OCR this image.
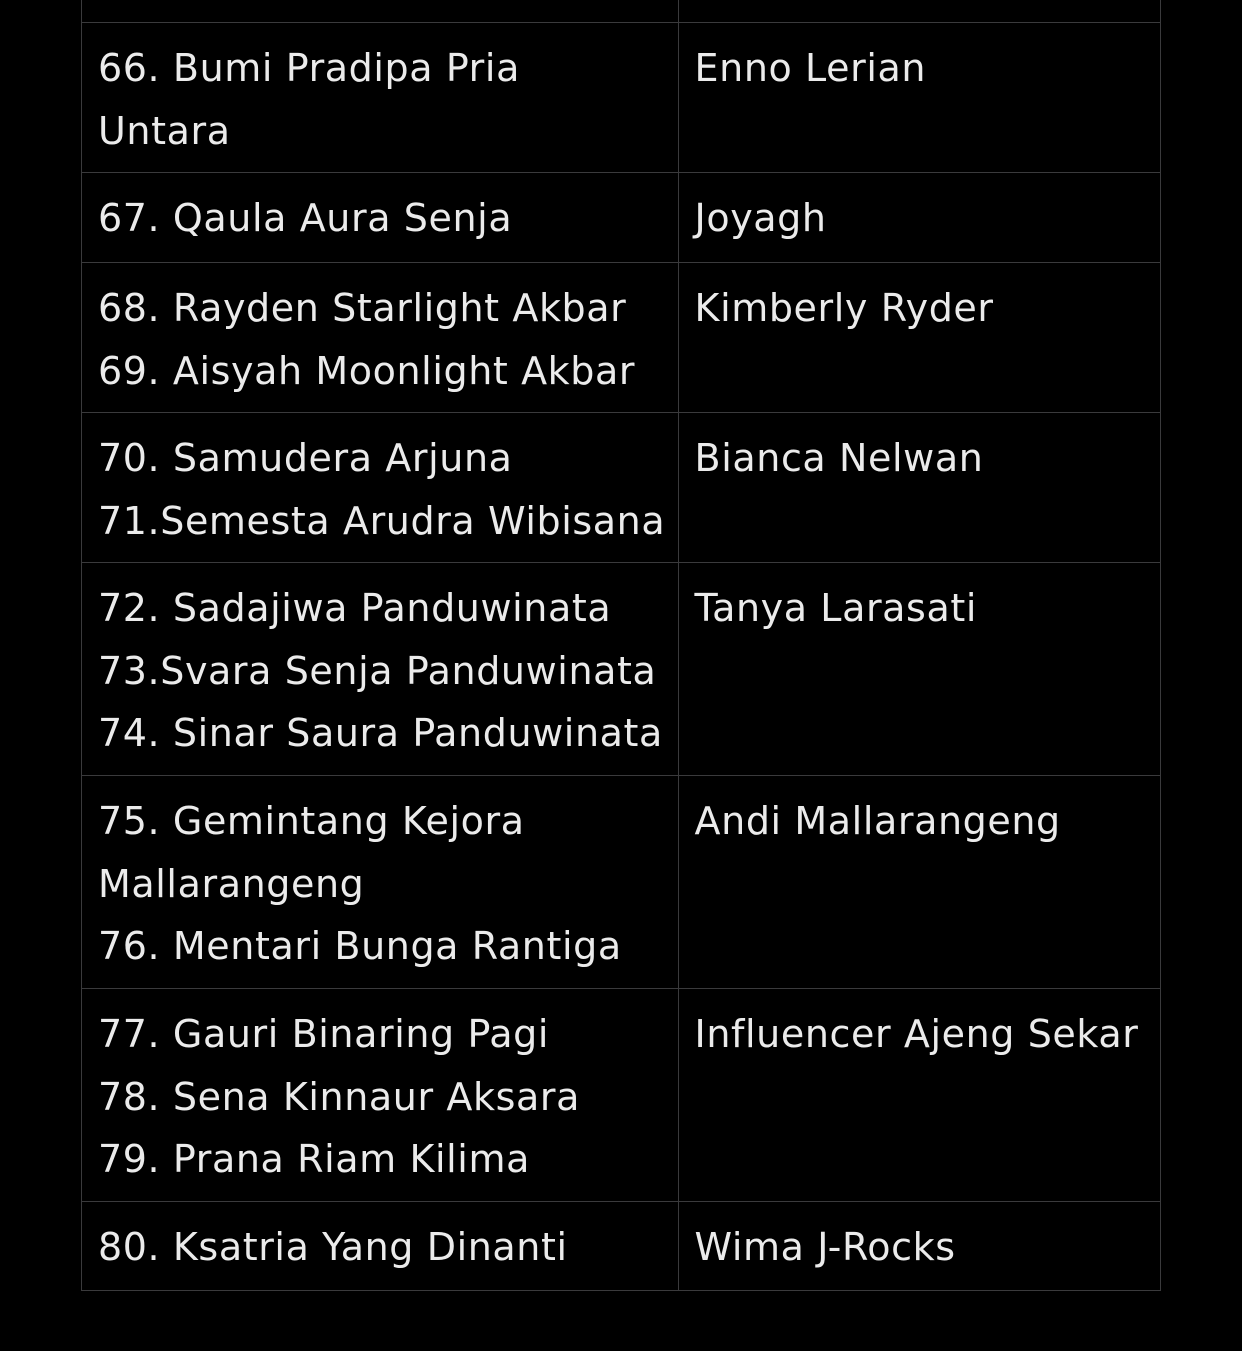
66. Bumi Pradipa Pria
Untara	Enno Lerian

67. Qaula Aura Senja	Joyagh

68. Rayden Starlight Akbar
69. Aisyah Moonlight Akbar	Kimberly Ryder

70. Samudera Arjuna
71.Semesta Arudra Wibisana	Bianca Nelwan

72. Sadajiwa Panduwinata
73.Svara Senja Panduwinata
74. Sinar Saura Panduwinata	Tanya Larasati

75. Gemintang Kejora
Mallarangeng
76. Mentari Bunga Rantiga	Andi Mallarangeng

77. Gauri Binaring Pagi
78. Sena Kinnaur Aksara
79. Prana Riam Kilima	Influencer Ajeng Sekar

80. Ksatria Yang Dinanti	Wima J-Rocks
